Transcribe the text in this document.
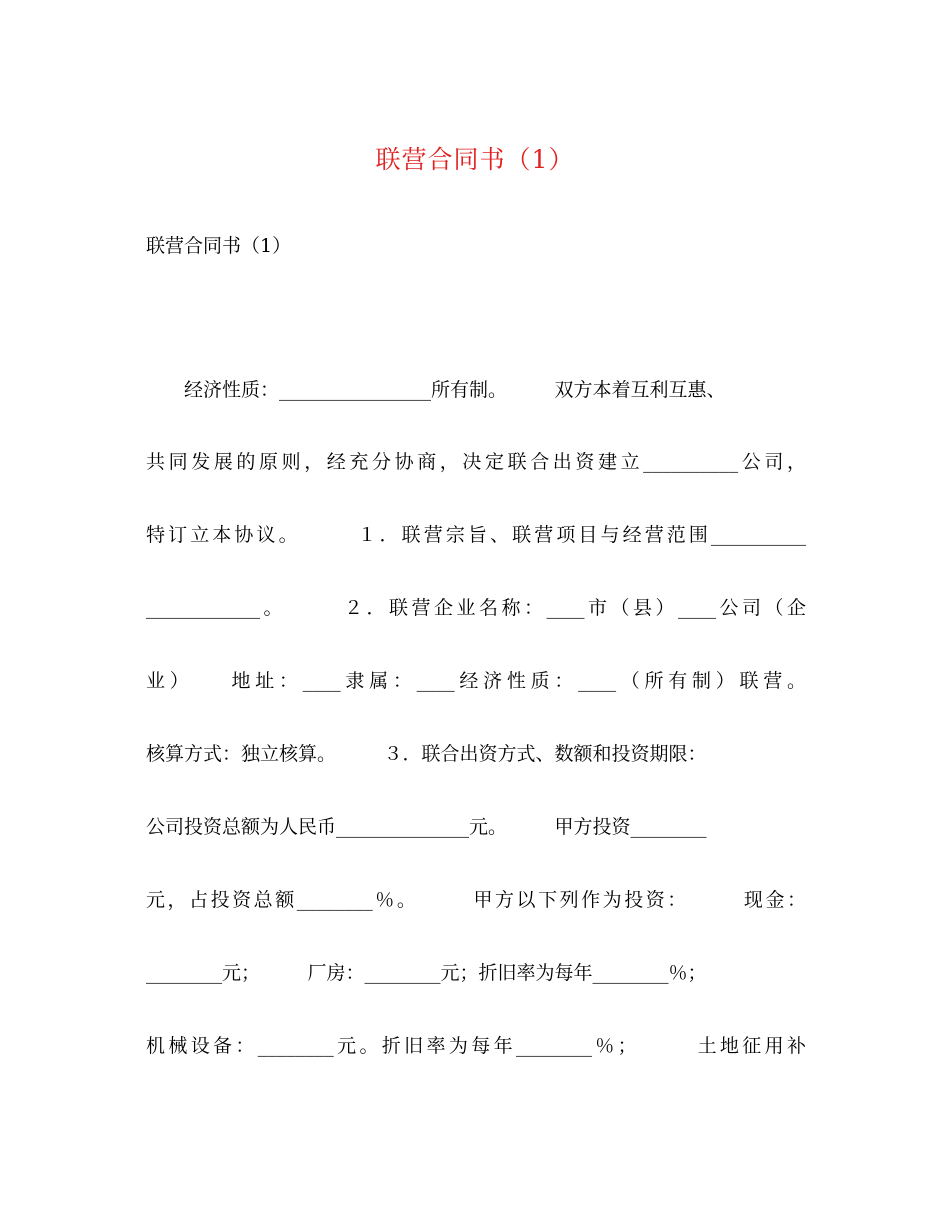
联营合同书（1）
联营合同书（1）
　　经济性质：________________所有制。　　　双方本着互利互惠、
共同发展的原则，经充分协商，决定联合出资建立__________公司，
特订立本协议。　　　１．联营宗旨、联营项目与经营范围__________
____________。　　　２．联营企业名称：____市（县）____公司（企
业）　　地址：____隶属：____经济性质：____（所有制）联营。
核算方式：独立核算。　　　３．联合出资方式、数额和投资期限：
公司投资总额为人民币______________元。　　　甲方投资________
元，占投资总额________％。　　　甲方以下列作为投资：　　　现金：
________元；　　　厂房：________元；折旧率为每年________％；
机械设备：________元。折旧率为每年________％；　　　土地征用补
